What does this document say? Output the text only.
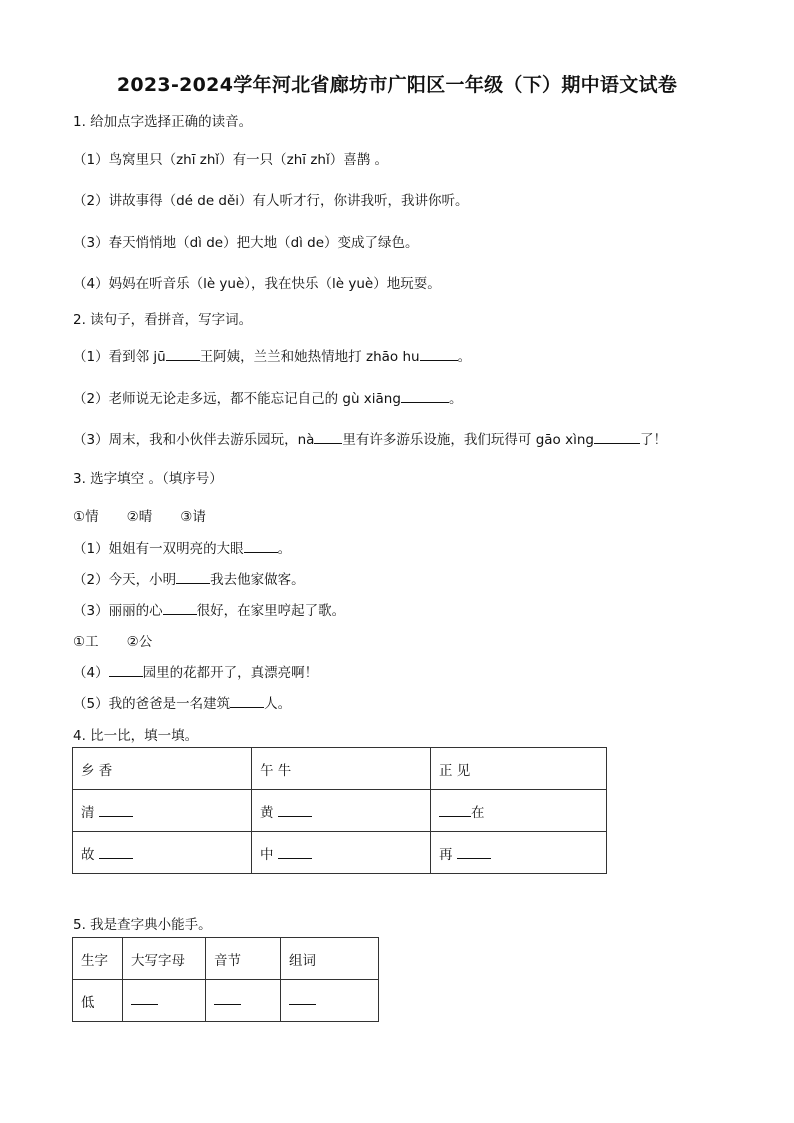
2023-2024学年河北省廊坊市广阳区一年级（下）期中语文试卷
1. 给加点字选择正确的读音。
（1）鸟窝里只（zhī zhǐ）有一只（zhī zhǐ）喜鹊 。
（2）讲故事得（dé de děi）有人听才行，你讲我听，我讲你听。
（3）春天悄悄地（dì de）把大地（dì de）变成了绿色。
（4）妈妈在听音乐（lè yuè），我在快乐（lè yuè）地玩耍。
2. 读句子，看拼音，写字词。
（1）看到邻 jū	王阿姨，兰兰和她热情地打 zhāo hu	。
（2）老师说无论走多远，都不能忘记自己的 gù xiāng	。
（3）周末，我和小伙伴去游乐园玩，nà 里有许多游乐设施，我们玩得可 gāo xìng	了！
3. 选字填空 。（填序号）
①情 ②晴 ③请
（1）姐姐有一双明亮的大眼	。
（2）今天，小明	我去他家做客。
（3）丽丽的心	很好，在家里哼起了歌。
①工 ②公
（4）	园里的花都开了，真漂亮啊！
（5）我的爸爸是一名建筑	人。
4. 比一比，填一填。
乡 香	午 牛	正 见
清	黄	在
故	中	再
5. 我是查字典小能手。
生字	大写字母	音节	组词
低			
